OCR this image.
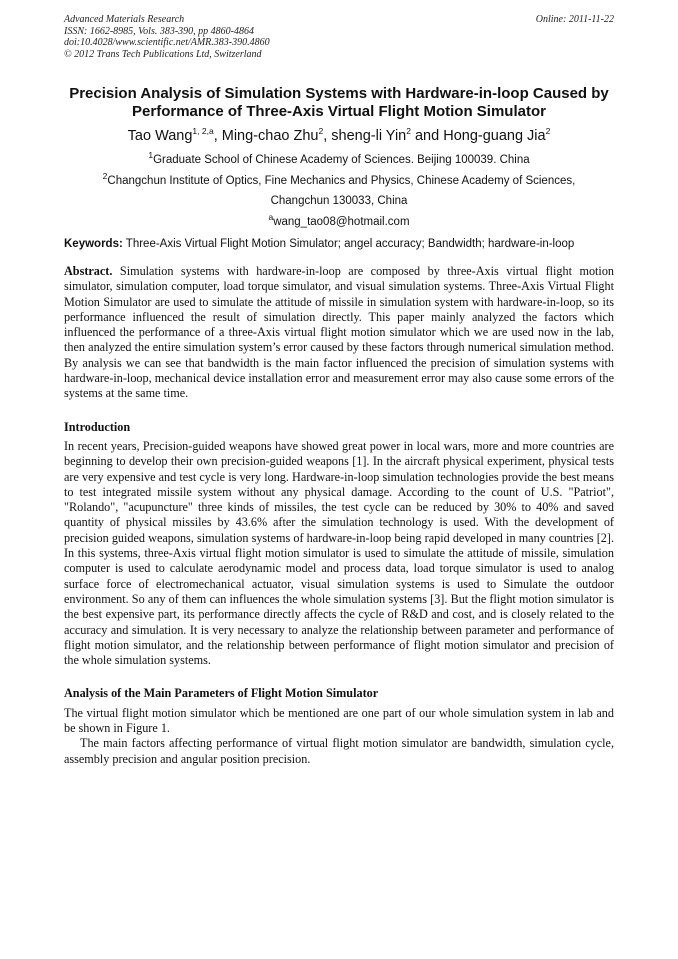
Advanced Materials Research
ISSN: 1662-8985, Vols. 383-390, pp 4860-4864
doi:10.4028/www.scientific.net/AMR.383-390.4860
© 2012 Trans Tech Publications Ltd, Switzerland
Online: 2011-11-22
Precision Analysis of Simulation Systems with Hardware-in-loop Caused by Performance of Three-Axis Virtual Flight Motion Simulator
Tao Wang$^{1, 2,a}$, Ming-chao Zhu$^2$, sheng-li Yin$^2$ and Hong-guang Jia$^2$
$^1$Graduate School of Chinese Academy of Sciences. Beijing 100039. China
$^2$Changchun Institute of Optics, Fine Mechanics and Physics, Chinese Academy of Sciences,
Changchun 130033, China
$^a$wang_tao08@hotmail.com
Keywords: Three-Axis Virtual Flight Motion Simulator; angel accuracy; Bandwidth; hardware-in-loop
Abstract. Simulation systems with hardware-in-loop are composed by three-Axis virtual flight motion simulator, simulation computer, load torque simulator, and visual simulation systems. Three-Axis Virtual Flight Motion Simulator are used to simulate the attitude of missile in simulation system with hardware-in-loop, so its performance influenced the result of simulation directly. This paper mainly analyzed the factors which influenced the performance of a three-Axis virtual flight motion simulator which we are used now in the lab, then analyzed the entire simulation system’s error caused by these factors through numerical simulation method. By analysis we can see that bandwidth is the main factor influenced the precision of simulation systems with hardware-in-loop, mechanical device installation error and measurement error may also cause some errors of the systems at the same time.
Introduction

In recent years, Precision-guided weapons have showed great power in local wars, more and more countries are beginning to develop their own precision-guided weapons [1]. In the aircraft physical experiment, physical tests are very expensive and test cycle is very long. Hardware-in-loop simulation technologies provide the best means to test integrated missile system without any physical damage. According to the count of U.S. "Patriot", "Rolando", "acupuncture" three kinds of missiles, the test cycle can be reduced by 30% to 40% and saved quantity of physical missiles by 43.6% after the simulation technology is used. With the development of precision guided weapons, simulation systems of hardware-in-loop being rapid developed in many countries [2]. In this systems, three-Axis virtual flight motion simulator is used to simulate the attitude of missile, simulation computer is used to calculate aerodynamic model and process data, load torque simulator is used to analog surface force of electromechanical actuator, visual simulation systems is used to Simulate the outdoor environment. So any of them can influences the whole simulation systems [3]. But the flight motion simulator is the best expensive part, its performance directly affects the cycle of R&D and cost, and is closely related to the accuracy and simulation. It is very necessary to analyze the relationship between parameter and performance of flight motion simulator, and the relationship between performance of flight motion simulator and precision of the whole simulation systems.

Analysis of the Main Parameters of Flight Motion Simulator

The virtual flight motion simulator which be mentioned are one part of our whole simulation system in lab and be shown in Figure 1.

The main factors affecting performance of virtual flight motion simulator are bandwidth, simulation cycle, assembly precision and angular position precision.
